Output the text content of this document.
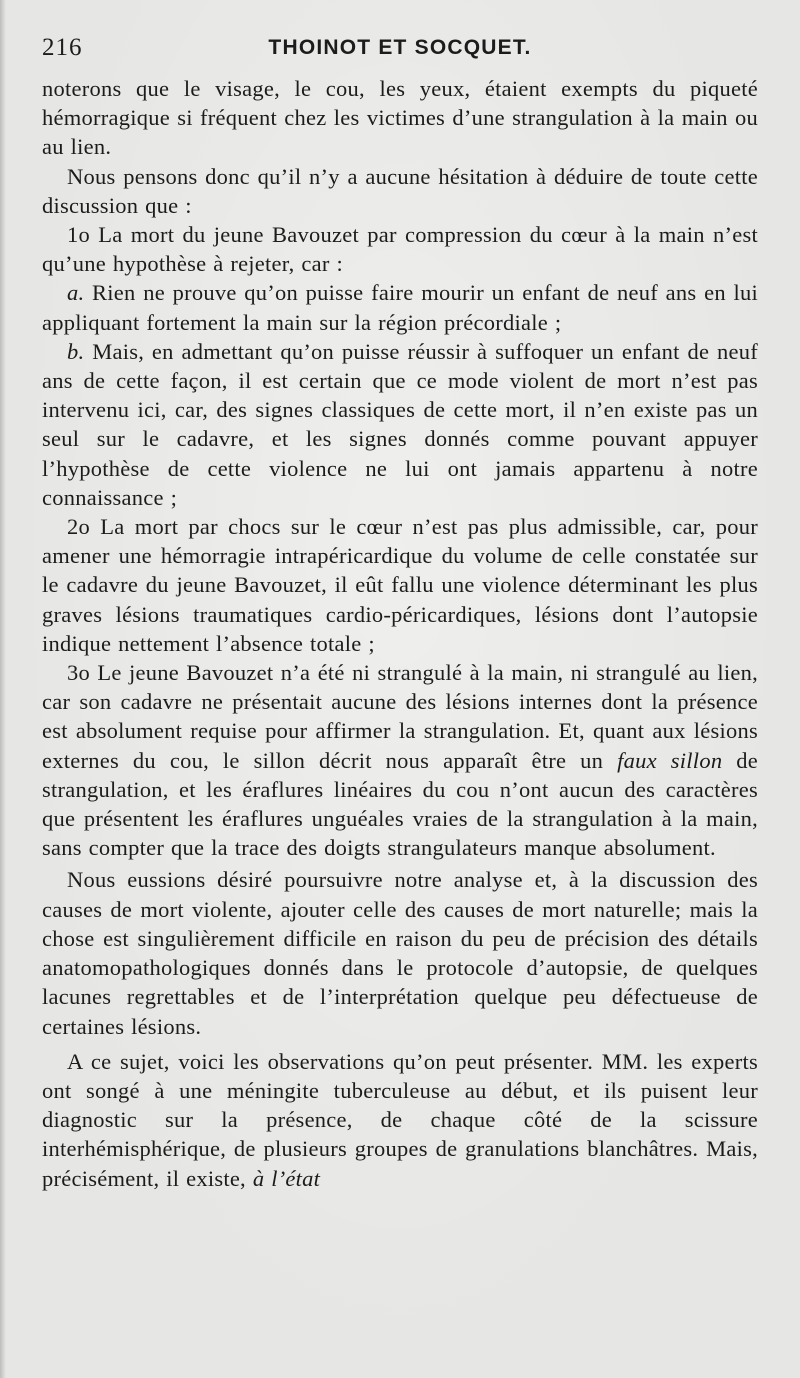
216	THOINOT ET SOCQUET.

noterons que le visage, le cou, les yeux, étaient exempts du piqueté hémorragique si fréquent chez les victimes d’une strangulation à la main ou au lien.

Nous pensons donc qu’il n’y a aucune hésitation à déduire de toute cette discussion que :

1o La mort du jeune Bavouzet par compression du cœur à la main n’est qu’une hypothèse à rejeter, car :

a. Rien ne prouve qu’on puisse faire mourir un enfant de neuf ans en lui appliquant fortement la main sur la région précordiale ;

b. Mais, en admettant qu’on puisse réussir à suffoquer un enfant de neuf ans de cette façon, il est certain que ce mode violent de mort n’est pas intervenu ici, car, des signes classiques de cette mort, il n’en existe pas un seul sur le cadavre, et les signes donnés comme pouvant appuyer l’hypothèse de cette violence ne lui ont jamais appartenu à notre connaissance ;

2o La mort par chocs sur le cœur n’est pas plus admissible, car, pour amener une hémorragie intrapéricardique du volume de celle constatée sur le cadavre du jeune Bavouzet, il eût fallu une violence déterminant les plus graves lésions traumatiques cardio-péricardiques, lésions dont l’autopsie indique nettement l’absence totale ;

3o Le jeune Bavouzet n’a été ni strangulé à la main, ni strangulé au lien, car son cadavre ne présentait aucune des lésions internes dont la présence est absolument requise pour affirmer la strangulation. Et, quant aux lésions externes du cou, le sillon décrit nous apparaît être un faux sillon de strangulation, et les éraflures linéaires du cou n’ont aucun des caractères que présentent les éraflures unguéales vraies de la strangulation à la main, sans compter que la trace des doigts strangulateurs manque absolument.

Nous eussions désiré poursuivre notre analyse et, à la discussion des causes de mort violente, ajouter celle des causes de mort naturelle; mais la chose est singulièrement difficile en raison du peu de précision des détails anatomopathologiques donnés dans le protocole d’autopsie, de quelques lacunes regrettables et de l’interprétation quelque peu défectueuse de certaines lésions.

A ce sujet, voici les observations qu’on peut présenter. MM. les experts ont songé à une méningite tuberculeuse au début, et ils puisent leur diagnostic sur la présence, de chaque côté de la scissure interhémisphérique, de plusieurs groupes de granulations blanchâtres. Mais, précisément, il existe, à l’état
